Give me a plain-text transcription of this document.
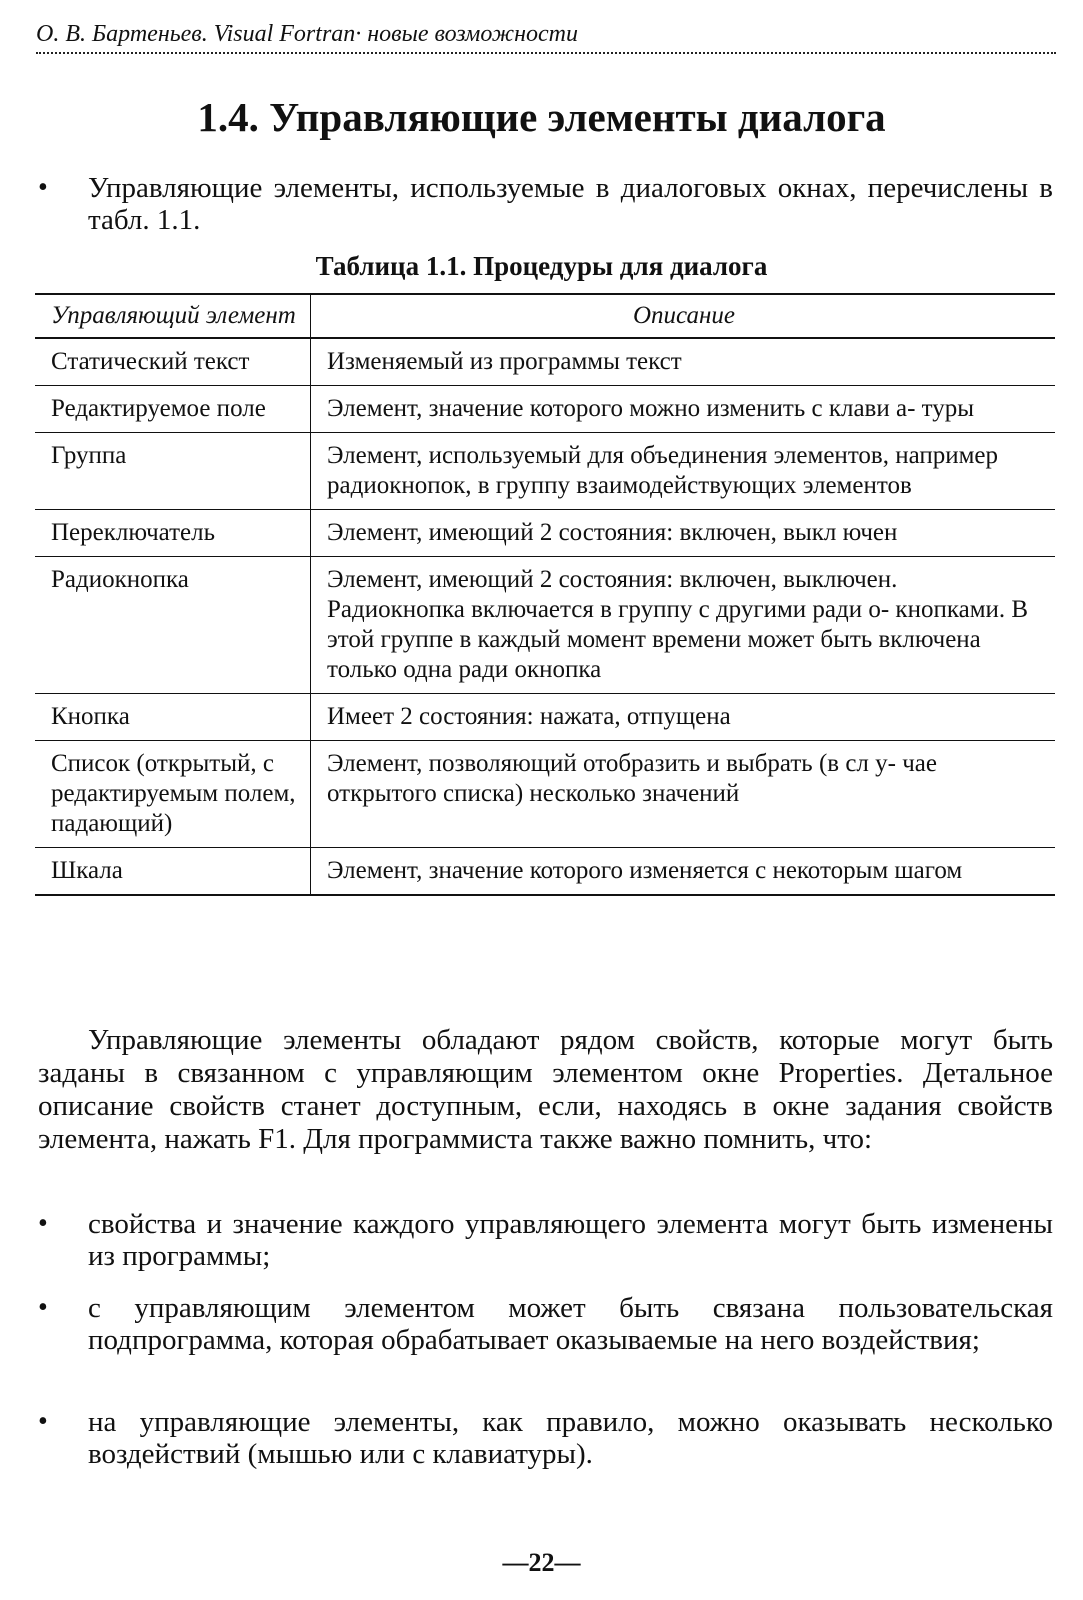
О. В. Бартеньев. Visual Fortran· новые возможности
1.4. Управляющие элементы диалога
• Управляющие элементы, используемые в диалоговых окнах, перечислены в табл. 1.1.
Таблица 1.1. Процедуры для диалога
Управляющий элемент	Описание
Статический текст	Изменяемый из программы текст
Редактируемое поле	Элемент, значение которого можно изменить с клави а- туры
Группа	Элемент, используемый для объединения элементов, например радиокнопок, в группу взаимодействующих элементов
Переключатель	Элемент, имеющий 2 состояния: включен, выкл ючен
Радиокнопка	Элемент, имеющий 2 состояния: включен, выключен. Радиокнопка включается в группу с другими ради о- кнопками. В этой группе в каждый момент времени может быть включена только одна ради окнопка
Кнопка	Имеет 2 состояния: нажата, отпущена
Список (открытый, с редактируемым полем, падающий)	Элемент, позволяющий отобразить и выбрать (в сл у- чае открытого списка) несколько значений
Шкала	Элемент, значение которого изменяется с некоторым шагом
Управляющие элементы обладают рядом свойств, которые могут быть заданы в связанном с управляющим элементом окне Properties. Детальное описание свойств станет доступным, если, находясь в окне задания свойств элемента, нажать F1. Для программиста также важно помнить, что:
• свойства и значение каждого управляющего элемента могут быть изменены из программы;
• с управляющим элементом может быть связана пользовательская подпрограмма, которая обрабатывает оказываемые на него воздействия;
• на управляющие элементы, как правило, можно оказывать несколько воздействий (мышью или с клавиатуры).
—22—
